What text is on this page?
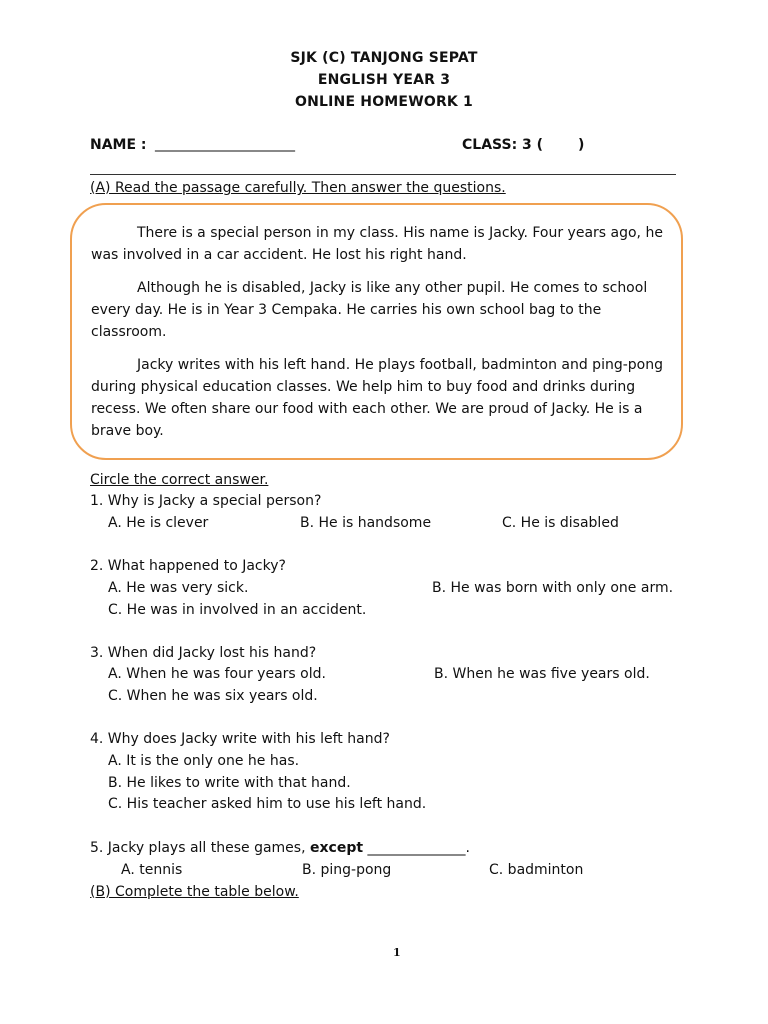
SJK (C) TANJONG SEPAT
ENGLISH YEAR 3
ONLINE HOMEWORK 1
NAME : ____________________	CLASS: 3 ( )
(A) Read the passage carefully. Then answer the questions.
There is a special person in my class. His name is Jacky. Four years ago, he was involved in a car accident. He lost his right hand.
Although he is disabled, Jacky is like any other pupil. He comes to school every day. He is in Year 3 Cempaka. He carries his own school bag to the classroom.
Jacky writes with his left hand. He plays football, badminton and ping-pong during physical education classes. We help him to buy food and drinks during recess. We often share our food with each other. We are proud of Jacky. He is a brave boy.
Circle the correct answer.
1. Why is Jacky a special person?
A. He is clever	B. He is handsome	C. He is disabled
2. What happened to Jacky?
A. He was very sick.	B. He was born with only one arm.
C. He was in involved in an accident.
3. When did Jacky lost his hand?
A. When he was four years old.	B. When he was five years old.
C. When he was six years old.
4. Why does Jacky write with his left hand?
A. It is the only one he has.
B. He likes to write with that hand.
C. His teacher asked him to use his left hand.
5. Jacky plays all these games, except ______________.
A. tennis	B. ping-pong	C. badminton
(B) Complete the table below.
1
